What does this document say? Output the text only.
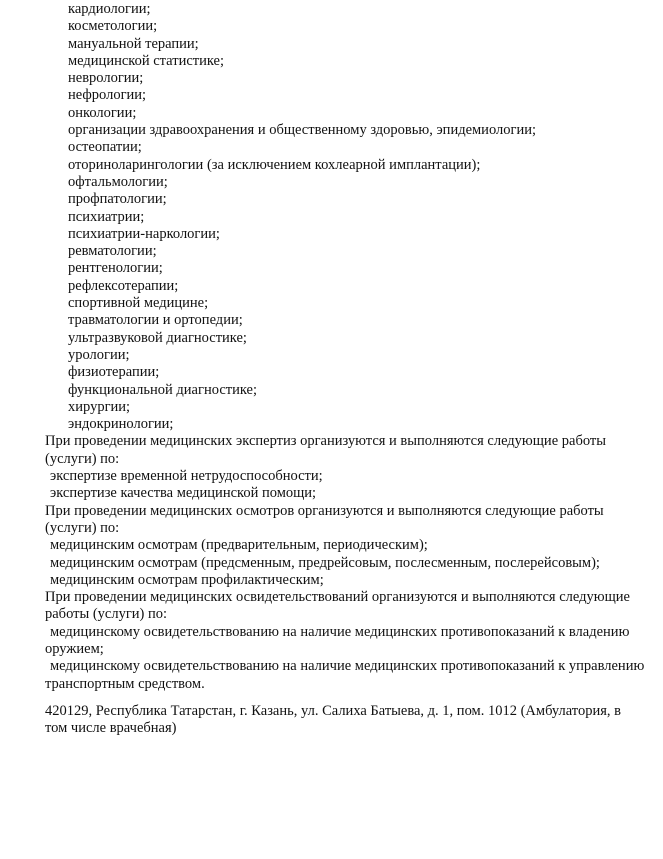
кардиологии;
косметологии;
мануальной терапии;
медицинской статистике;
неврологии;
нефрологии;
онкологии;
организации здравоохранения и общественному здоровью, эпидемиологии;
остеопатии;
оториноларингологии (за исключением кохлеарной имплантации);
офтальмологии;
профпатологии;
психиатрии;
психиатрии-наркологии;
ревматологии;
рентгенологии;
рефлексотерапии;
спортивной медицине;
травматологии и ортопедии;
ультразвуковой диагностике;
урологии;
физиотерапии;
функциональной диагностике;
хирургии;
эндокринологии;
При проведении медицинских экспертиз организуются и выполняются следующие работы
(услуги) по:
экспертизе временной нетрудоспособности;
экспертизе качества медицинской помощи;
При проведении медицинских осмотров организуются и выполняются следующие работы
(услуги) по:
медицинским осмотрам (предварительным, периодическим);
медицинским осмотрам (предсменным, предрейсовым, послесменным, послерейсовым);
медицинским осмотрам профилактическим;
При проведении медицинских освидетельствований организуются и выполняются следующие
работы (услуги) по:
медицинскому освидетельствованию на наличие медицинских противопоказаний к владению
оружием;
медицинскому освидетельствованию на наличие медицинских противопоказаний к управлению
транспортным средством.
420129, Республика Татарстан, г. Казань, ул. Салиха Батыева, д. 1, пом. 1012 (Амбулатория, в
том числе врачебная)
